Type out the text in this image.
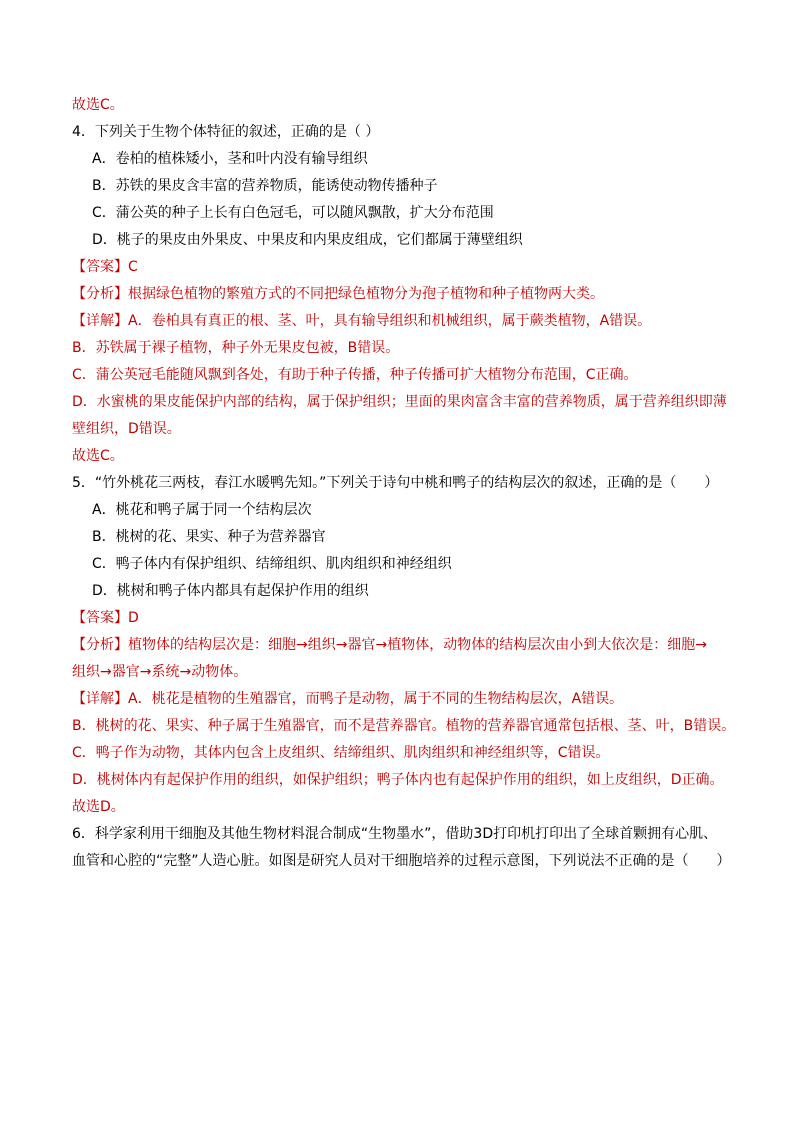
故选C。
4．下列关于生物个体特征的叙述，正确的是（ ）
A．卷柏的植株矮小，茎和叶内没有输导组织
B．苏铁的果皮含丰富的营养物质，能诱使动物传播种子
C．蒲公英的种子上长有白色冠毛，可以随风飘散，扩大分布范围
D．桃子的果皮由外果皮、中果皮和内果皮组成，它们都属于薄壁组织
【答案】C
【分析】根据绿色植物的繁殖方式的不同把绿色植物分为孢子植物和种子植物两大类。
【详解】A．卷柏具有真正的根、茎、叶，具有输导组织和机械组织，属于蕨类植物，A错误。
B．苏铁属于裸子植物，种子外无果皮包被，B错误。
C．蒲公英冠毛能随风飘到各处，有助于种子传播，种子传播可扩大植物分布范围，C正确。
D．水蜜桃的果皮能保护内部的结构，属于保护组织；里面的果肉富含丰富的营养物质，属于营养组织即薄
壁组织，D错误。
故选C。
5．“竹外桃花三两枝，春江水暖鸭先知。”下列关于诗句中桃和鸭子的结构层次的叙述，正确的是（　　）
A．桃花和鸭子属于同一个结构层次
B．桃树的花、果实、种子为营养器官
C．鸭子体内有保护组织、结缔组织、肌肉组织和神经组织
D．桃树和鸭子体内都具有起保护作用的组织
【答案】D
【分析】植物体的结构层次是：细胞→组织→器官→植物体，动物体的结构层次由小到大依次是：细胞→
组织→器官→系统→动物体。
【详解】A．桃花是植物的生殖器官，而鸭子是动物，属于不同的生物结构层次，A错误。
B．桃树的花、果实、种子属于生殖器官，而不是营养器官。植物的营养器官通常包括根、茎、叶，B错误。
C．鸭子作为动物，其体内包含上皮组织、结缔组织、肌肉组织和神经组织等，C错误。
D．桃树体内有起保护作用的组织，如保护组织；鸭子体内也有起保护作用的组织，如上皮组织，D正确。
故选D。
6．科学家利用干细胞及其他生物材料混合制成“生物墨水”，借助3D打印机打印出了全球首颗拥有心肌、
血管和心腔的“完整”人造心脏。如图是研究人员对干细胞培养的过程示意图，下列说法不正确的是（　　）
